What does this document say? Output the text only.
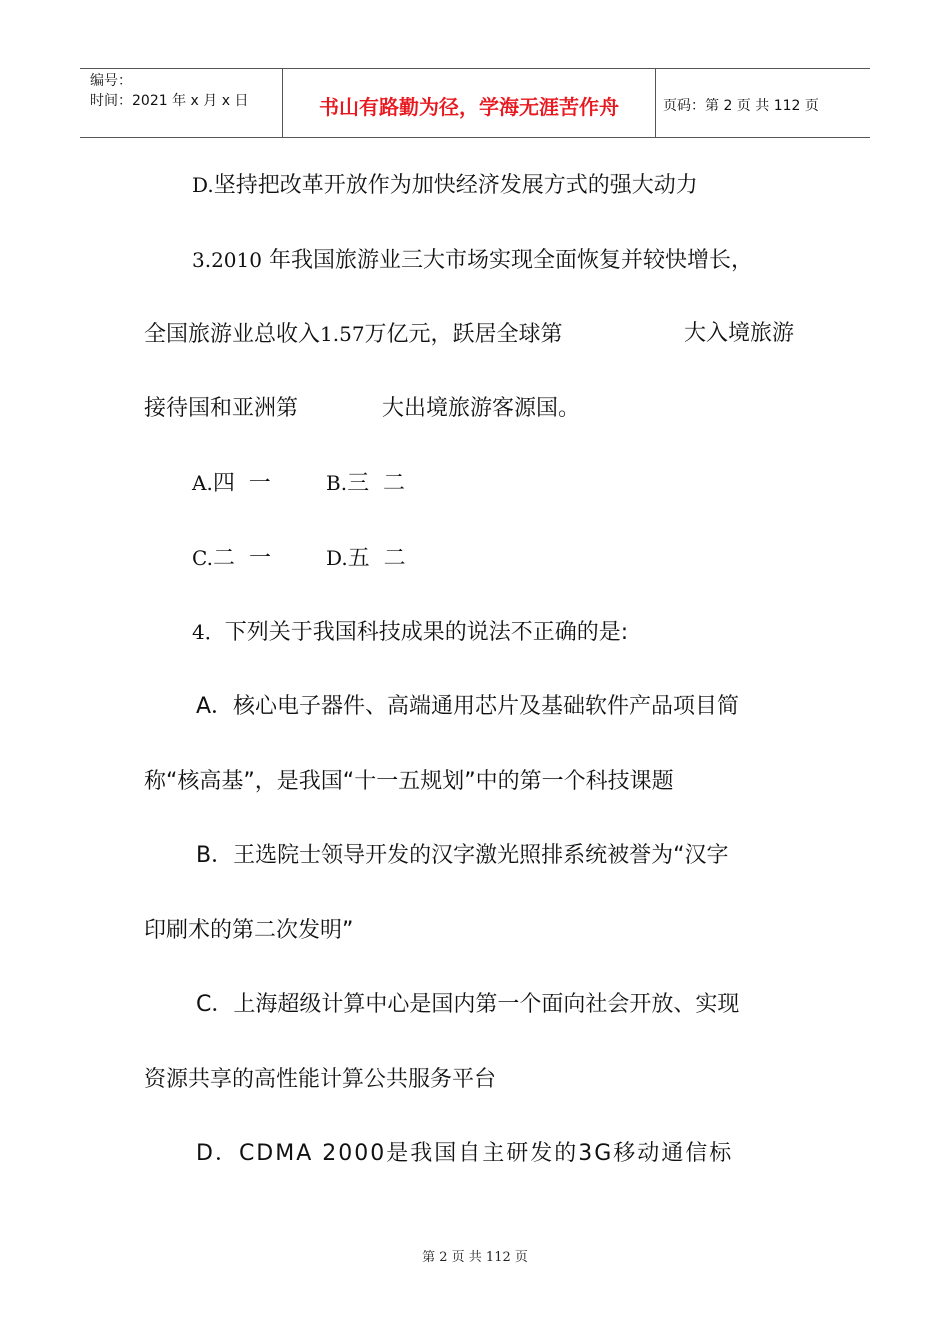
编号：
时间：2021 年 x 月 x 日	书山有路勤为径，学海无涯苦作舟	页码：第 2 页 共 112 页
D.坚持把改革开放作为加快经济发展方式的强大动力
3.2010 年我国旅游业三大市场实现全面恢复并较快增长，
全国旅游业总收入1.57万亿元，跃居全球第	大入境旅游
接待国和亚洲第	大出境旅游客源国。
A.四  一	B.三  二
C.二  一	D.五  二
4．下列关于我国科技成果的说法不正确的是:
A．核心电子器件、高端通用芯片及基础软件产品项目简
称“核高基”，是我国“十一五规划”中的第一个科技课题
B．王选院士领导开发的汉字激光照排系统被誉为“汉字
印刷术的第二次发明”
C．上海超级计算中心是国内第一个面向社会开放、实现
资源共享的高性能计算公共服务平台
D．CDMA 2000是我国自主研发的3G移动通信标
第 2 页 共 112 页
